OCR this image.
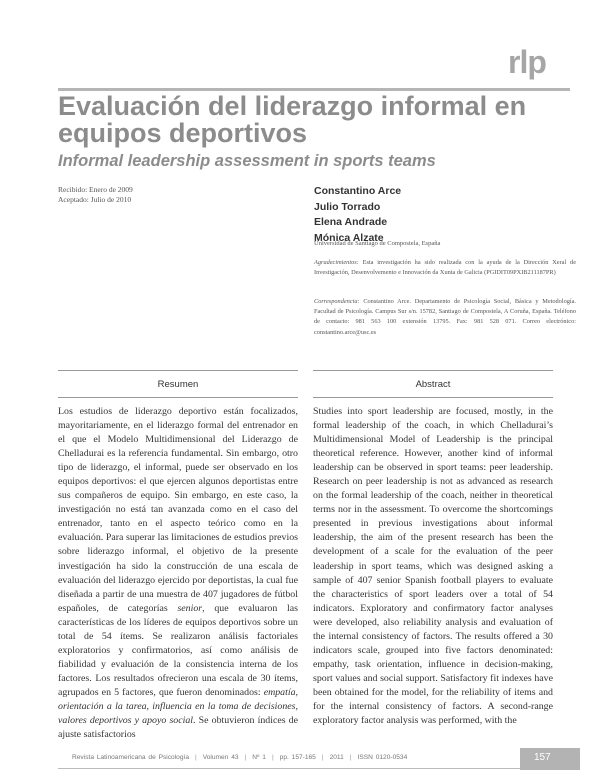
rlp
Evaluación del liderazgo informal en equipos deportivos
Informal leadership assessment in sports teams
Recibido: Enero de 2009
Aceptado: Julio de 2010
Constantino Arce
Julio Torrado
Elena Andrade
Mónica Alzate
Universidad de Santiago de Compostela, España
Agradecimientos: Esta investigación ha sido realizada con la ayuda de la Dirección Xeral de Investigación, Desenvolvemento e Innovación da Xunta de Galicia (PGIDIT09PXIB211187PR)
Correspondencia: Constantino Arce. Departamento de Psicología Social, Básica y Metodología. Facultad de Psicología. Campus Sur s/n. 15782, Santiago de Compostela, A Coruña, España. Teléfono de contacto: 981 563 100 extensión 13795. Fax: 981 528 071. Correo electrónico: constantino.arce@usc.es
Resumen
Los estudios de liderazgo deportivo están focalizados, mayoritariamente, en el liderazgo formal del entrenador en el que el Modelo Multidimensional del Liderazgo de Chelladurai es la referencia fundamental. Sin embargo, otro tipo de liderazgo, el informal, puede ser observado en los equipos deportivos: el que ejercen algunos deportistas entre sus compañeros de equipo. Sin embargo, en este caso, la investigación no está tan avanzada como en el caso del entrenador, tanto en el aspecto teórico como en la evaluación. Para superar las limitaciones de estudios previos sobre liderazgo informal, el objetivo de la presente investigación ha sido la construcción de una escala de evaluación del liderazgo ejercido por deportistas, la cual fue diseñada a partir de una muestra de 407 jugadores de fútbol españoles, de categorías senior, que evaluaron las características de los líderes de equipos deportivos sobre un total de 54 ítems. Se realizaron análisis factoriales exploratorios y confirmatorios, así como análisis de fiabilidad y evaluación de la consistencia interna de los factores. Los resultados ofrecieron una escala de 30 ítems, agrupados en 5 factores, que fueron denominados: empatía, orientación a la tarea, influencia en la toma de decisiones, valores deportivos y apoyo social. Se obtuvieron índices de ajuste satisfactorios
Abstract
Studies into sport leadership are focused, mostly, in the formal leadership of the coach, in which Chelladurai’s Multidimensional Model of Leadership is the principal theoretical reference. However, another kind of informal leadership can be observed in sport teams: peer leadership. Research on peer leadership is not as advanced as research on the formal leadership of the coach, neither in theoretical terms nor in the assessment. To overcome the shortcomings presented in previous investigations about informal leadership, the aim of the present research has been the development of a scale for the evaluation of the peer leadership in sport teams, which was designed asking a sample of 407 senior Spanish football players to evaluate the characteristics of sport leaders over a total of 54 indicators. Exploratory and confirmatory factor analyses were developed, also reliability analysis and evaluation of the internal consistency of factors. The results offered a 30 indicators scale, grouped into five factors denominated: empathy, task orientation, influence in decision-making, sport values and social support. Satisfactory fit indexes have been obtained for the model, for the reliability of items and for the internal consistency of factors. A second-range exploratory factor analysis was performed, with the
Revista Latinoamericana de Psicología | Volumen 43 | Nº 1 | pp. 157-165 | 2011 | ISSN 0120-0534	157
